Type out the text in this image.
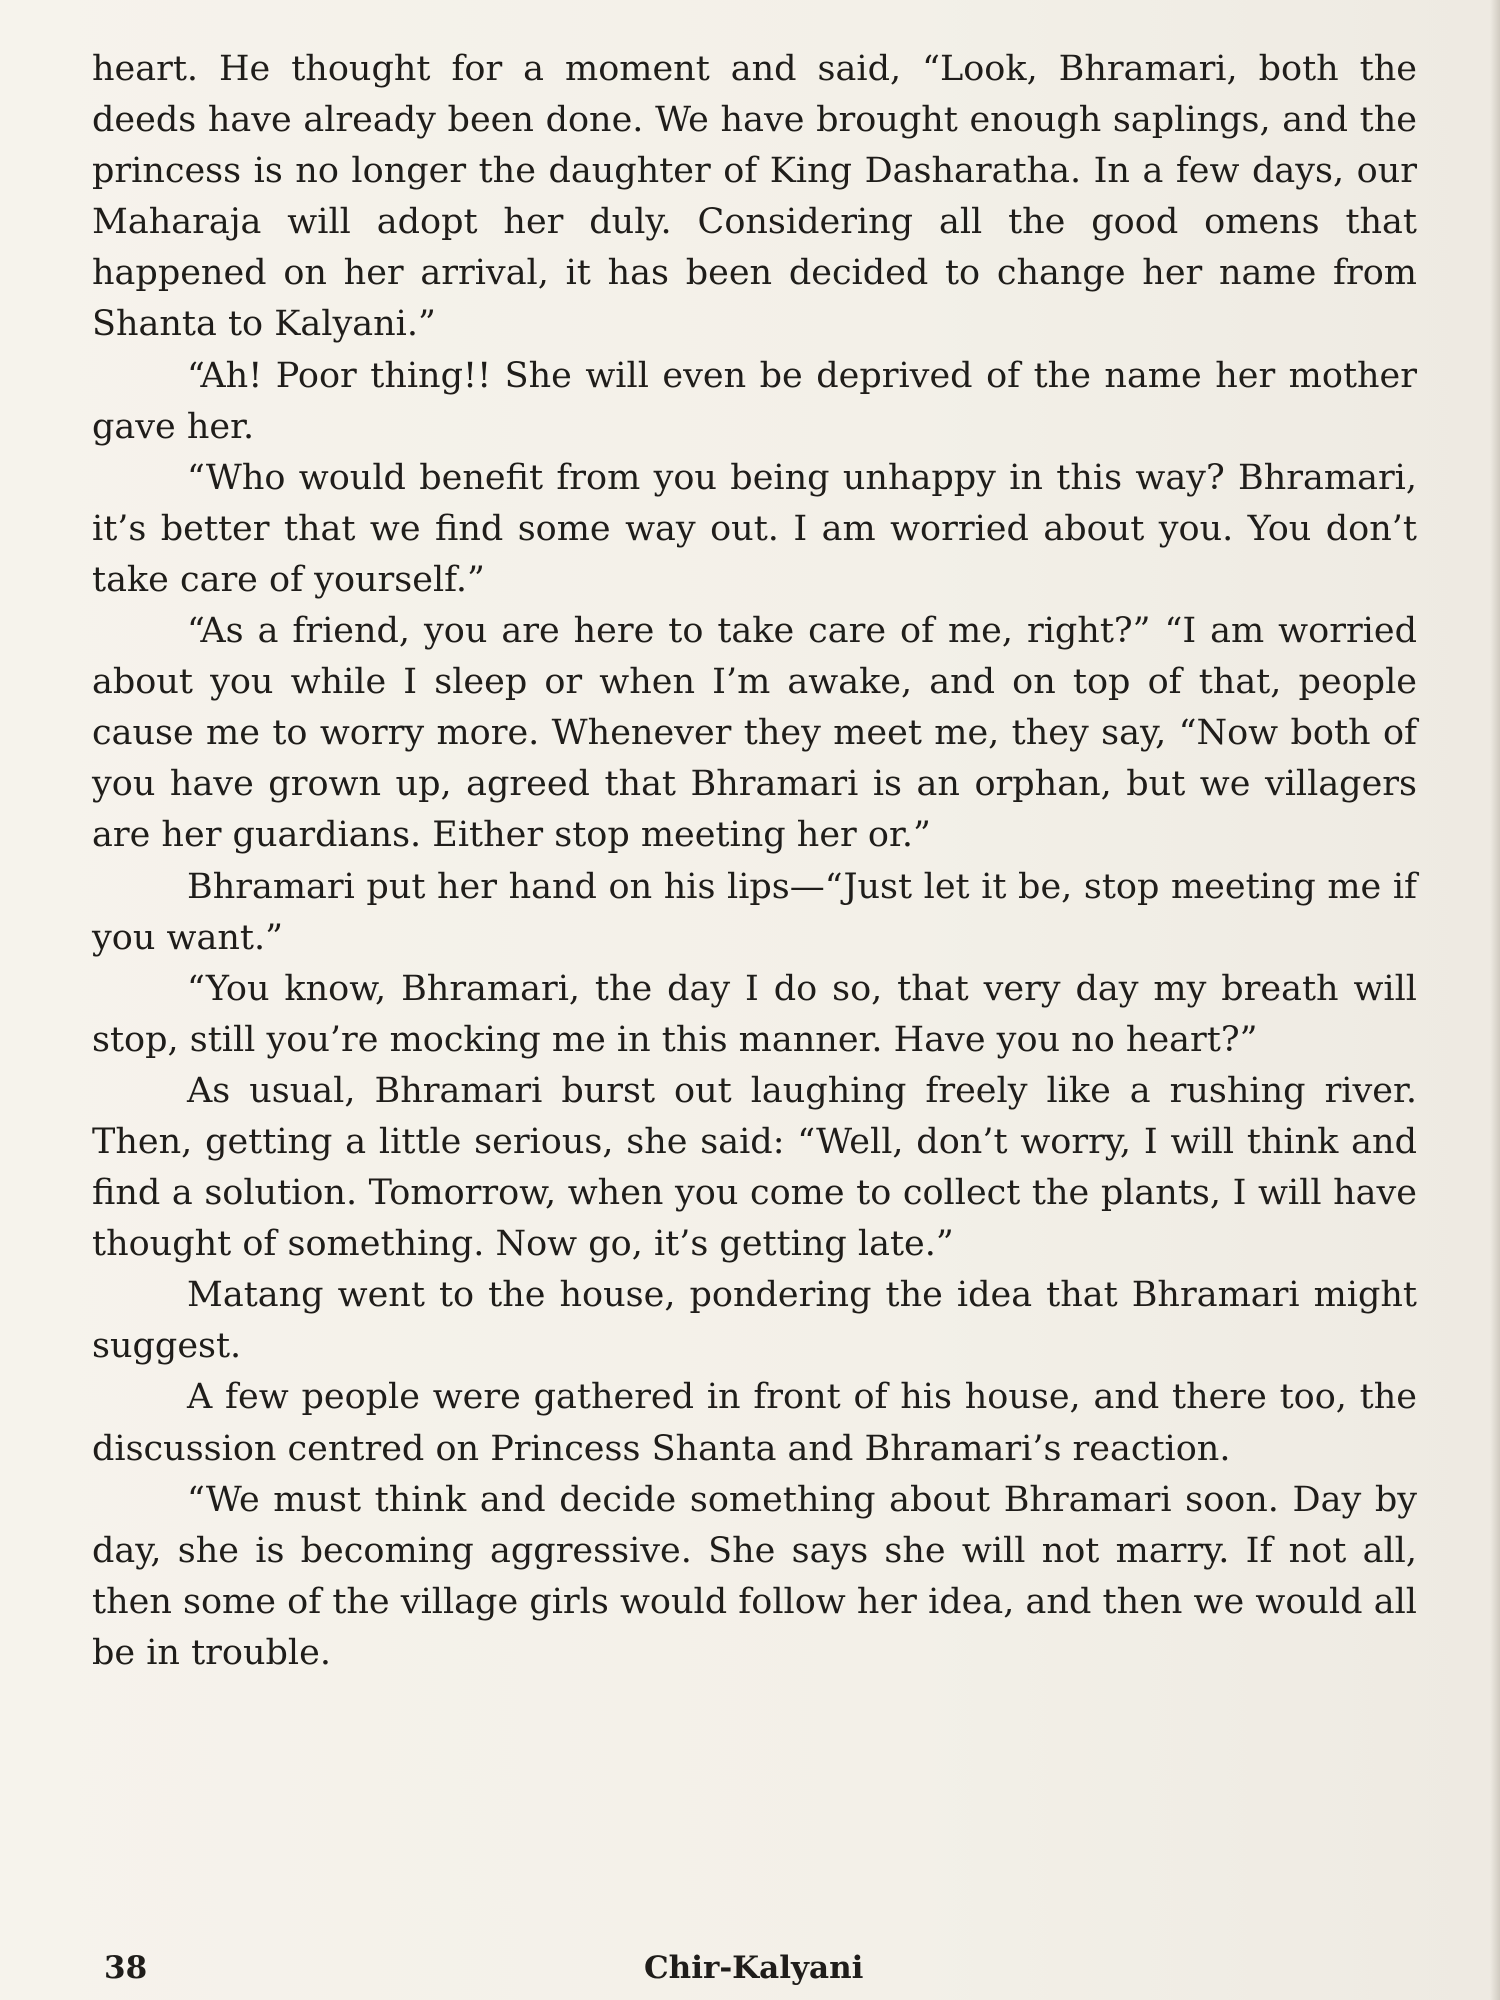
heart. He thought for a moment and said, “Look, Bhramari, both the deeds have already been done. We have brought enough saplings, and the princess is no longer the daughter of King Dasharatha. In a few days, our Maharaja will adopt her duly. Considering all the good omens that happened on her arrival, it has been decided to change her name from Shanta to Kalyani.”

“Ah! Poor thing!! She will even be deprived of the name her mother gave her.

“Who would benefit from you being unhappy in this way? Bhramari, it’s better that we find some way out. I am worried about you. You don’t take care of yourself.”

“As a friend, you are here to take care of me, right?” “I am worried about you while I sleep or when I’m awake, and on top of that, people cause me to worry more. Whenever they meet me, they say, “Now both of you have grown up, agreed that Bhramari is an orphan, but we villagers are her guardians. Either stop meeting her or.”

Bhramari put her hand on his lips—“Just let it be, stop meeting me if you want.”

“You know, Bhramari, the day I do so, that very day my breath will stop, still you’re mocking me in this manner. Have you no heart?”

As usual, Bhramari burst out laughing freely like a rushing river. Then, getting a little serious, she said: “Well, don’t worry, I will think and find a solution. Tomorrow, when you come to collect the plants, I will have thought of something. Now go, it’s getting late.”

Matang went to the house, pondering the idea that Bhramari might suggest.

A few people were gathered in front of his house, and there too, the discussion centred on Princess Shanta and Bhramari’s reaction.

“We must think and decide something about Bhramari soon. Day by day, she is becoming aggressive. She says she will not marry. If not all, then some of the village girls would follow her idea, and then we would all be in trouble.

38	Chir-Kalyani
